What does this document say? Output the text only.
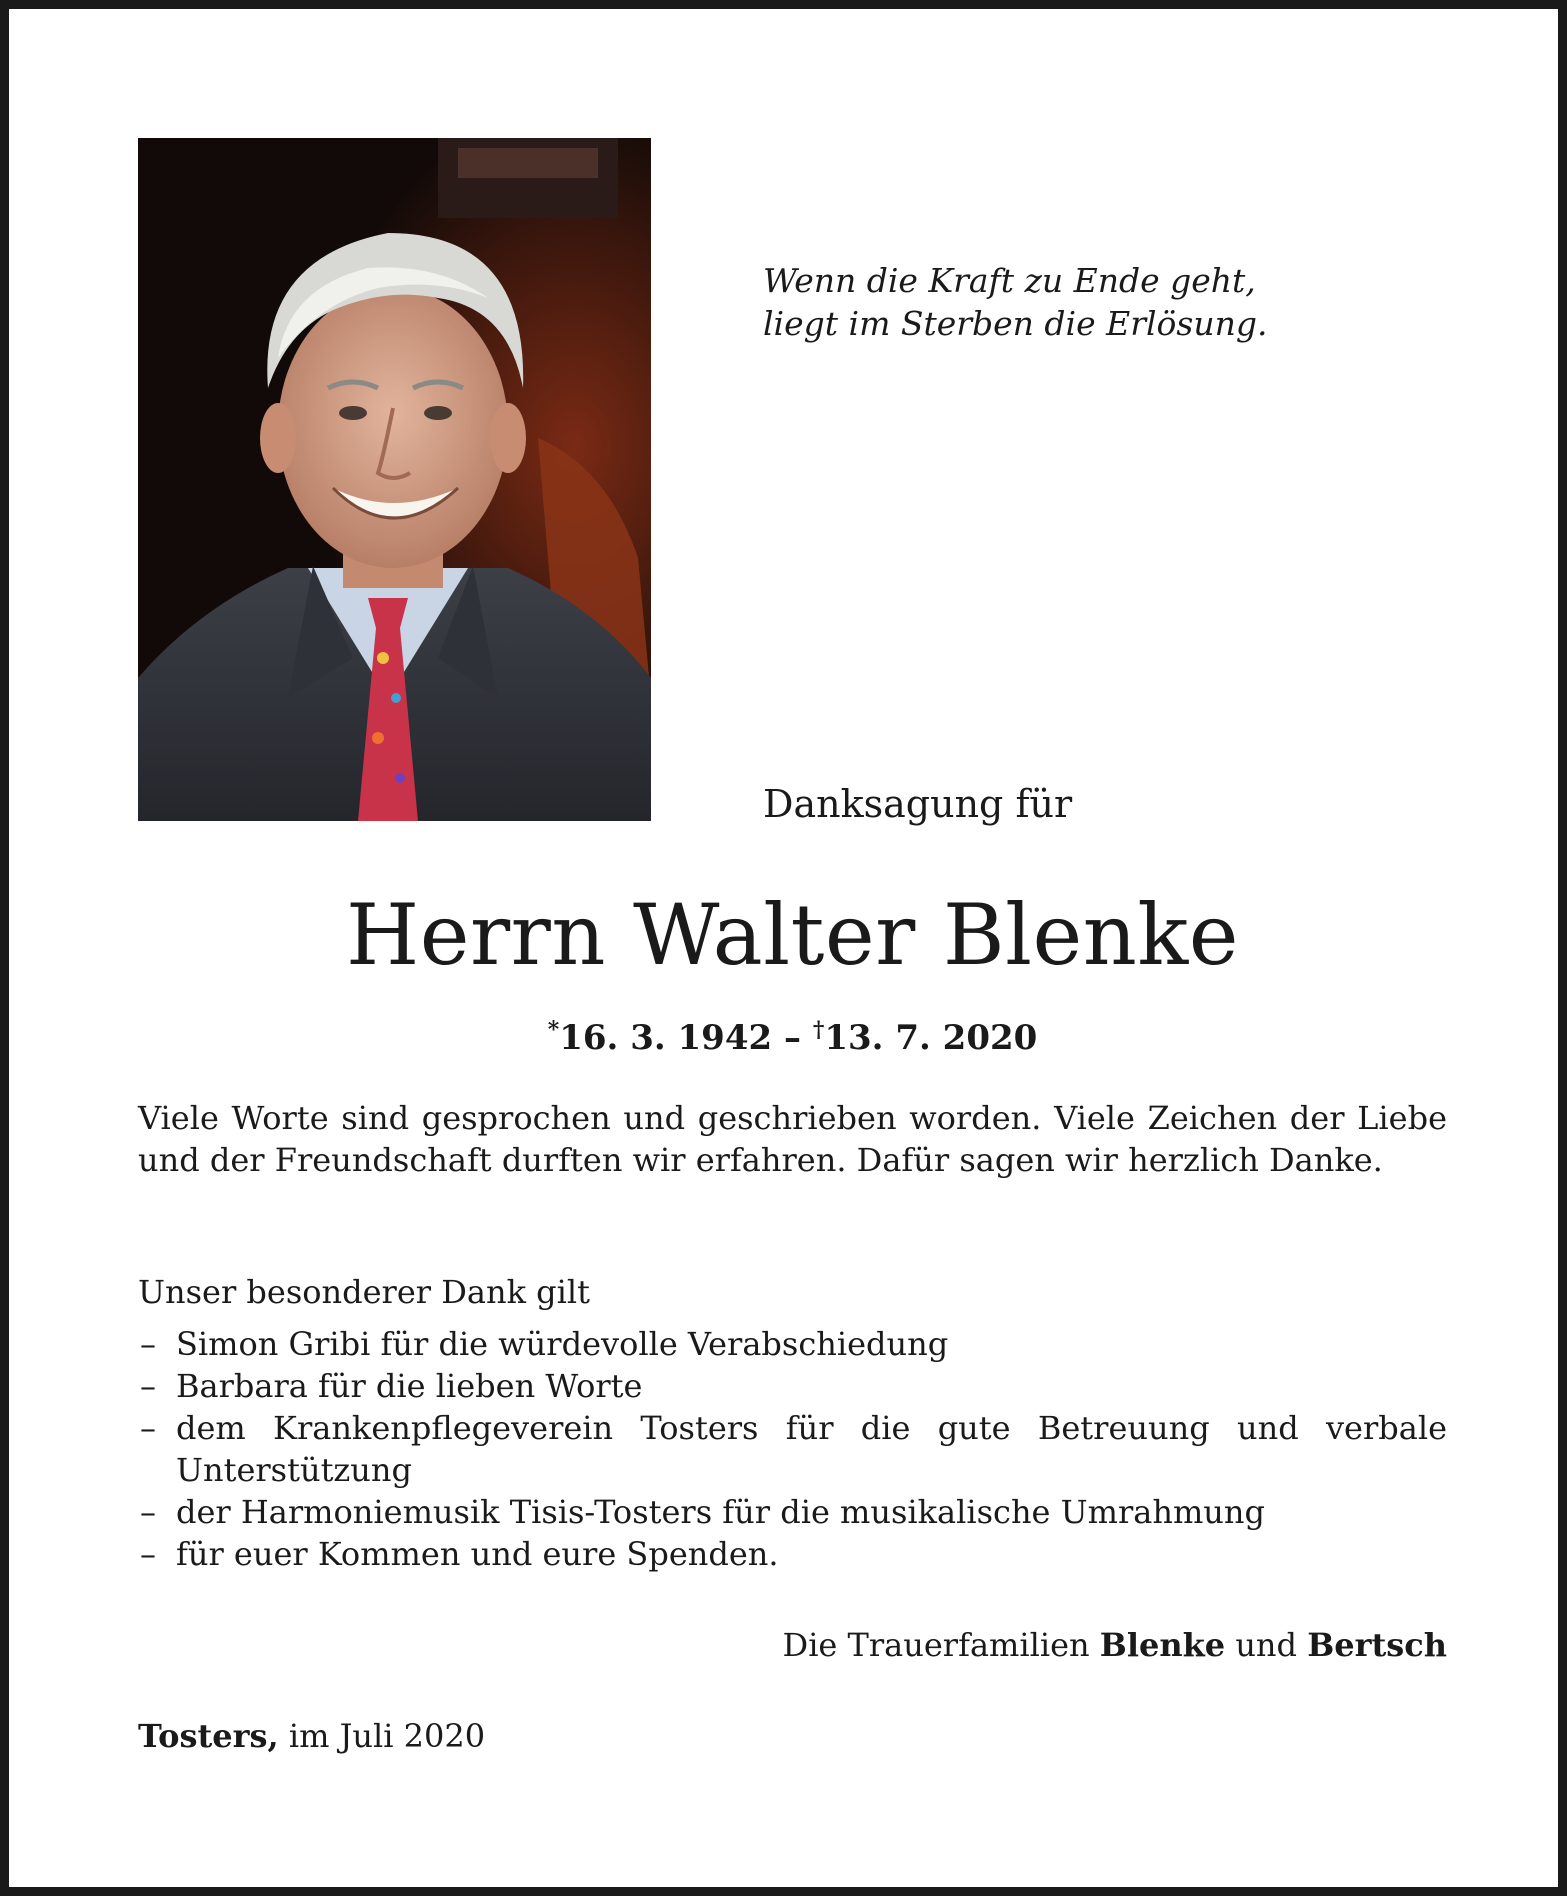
Wenn die Kraft zu Ende geht,
liegt im Sterben die Erlösung.
Danksagung für
Herrn Walter Blenke
*16. 3. 1942 – †13. 7. 2020
Viele Worte sind gesprochen und geschrieben worden. Viele Zeichen der Liebe und der Freundschaft durften wir erfahren. Dafür sagen wir herzlich Danke.
Unser besonderer Dank gilt
– Simon Gribi für die würdevolle Verabschiedung
– Barbara für die lieben Worte
– dem Krankenpflegeverein Tosters für die gute Betreuung und verbale Unterstützung
– der Harmoniemusik Tisis-Tosters für die musikalische Umrahmung
– für euer Kommen und eure Spenden.
Die Trauerfamilien Blenke und Bertsch
Tosters, im Juli 2020
